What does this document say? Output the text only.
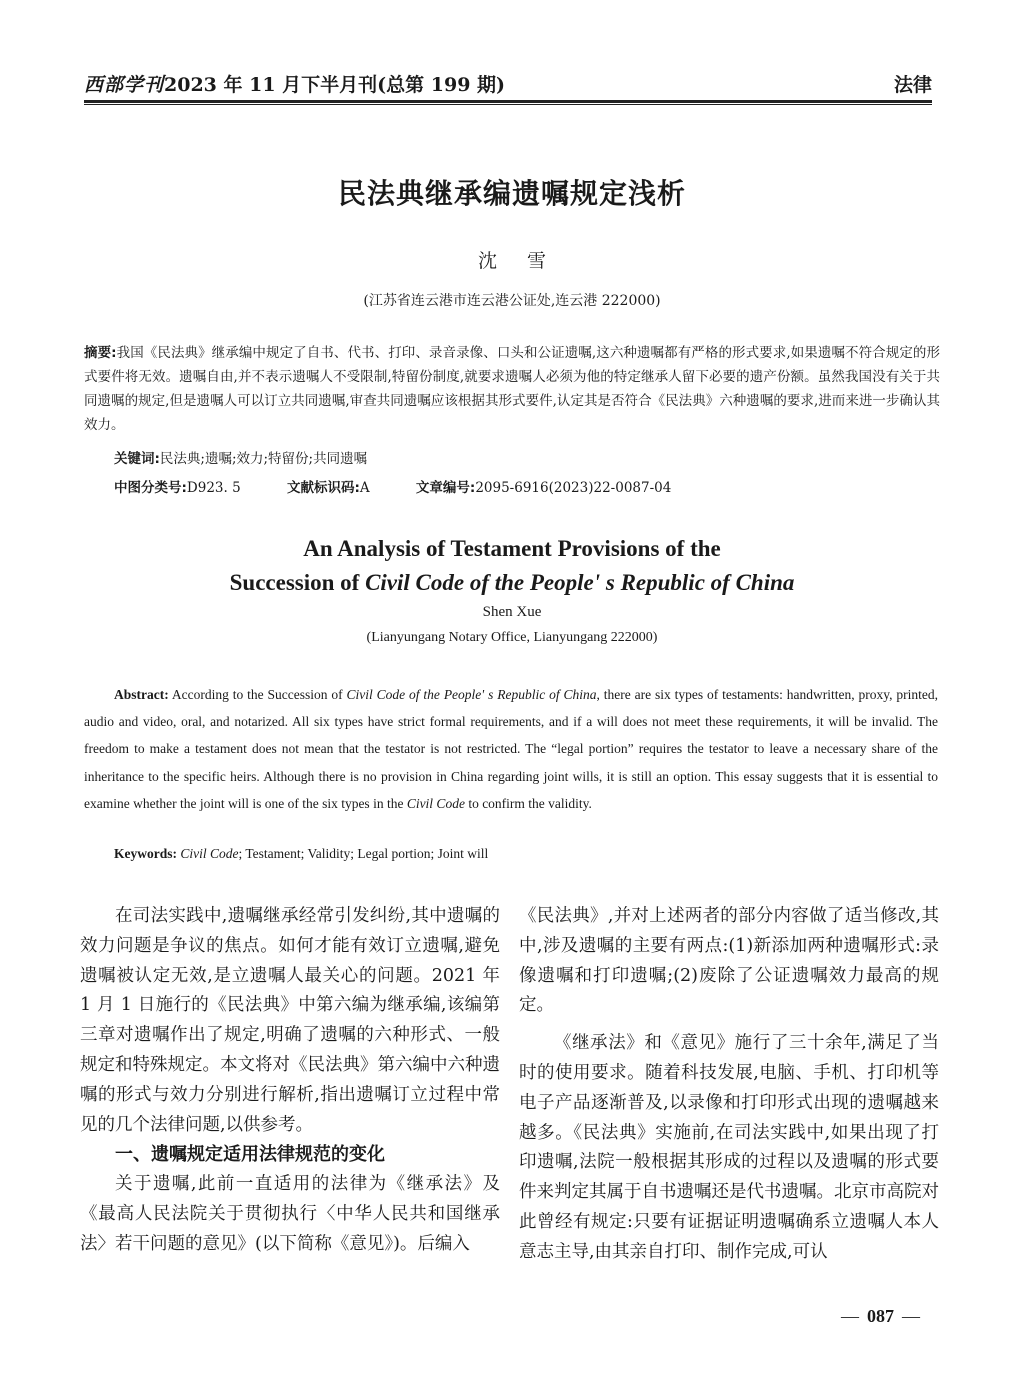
西部学刊2023 年 11 月下半月刊(总第 199 期)	法律
民法典继承编遗嘱规定浅析
沈雪
(江苏省连云港市连云港公证处,连云港 222000)
摘要:我国《民法典》继承编中规定了自书、代书、打印、录音录像、口头和公证遗嘱,这六种遗嘱都有严格的形式要求,如果遗嘱不符合规定的形式要件将无效。遗嘱自由,并不表示遗嘱人不受限制,特留份制度,就要求遗嘱人必须为他的特定继承人留下必要的遗产份额。虽然我国没有关于共同遗嘱的规定,但是遗嘱人可以订立共同遗嘱,审查共同遗嘱应该根据其形式要件,认定其是否符合《民法典》六种遗嘱的要求,进而来进一步确认其效力。
关键词:民法典;遗嘱;效力;特留份;共同遗嘱
中图分类号:D923. 5	文献标识码:A	文章编号:2095-6916(2023)22-0087-04
An Analysis of Testament Provisions of the
Succession of Civil Code of the People' s Republic of China
Shen Xue
(Lianyungang Notary Office, Lianyungang 222000)
Abstract: According to the Succession of Civil Code of the People' s Republic of China, there are six types of testaments: handwritten, proxy, printed, audio and video, oral, and notarized. All six types have strict formal requirements, and if a will does not meet these requirements, it will be invalid. The freedom to make a testament does not mean that the testator is not restricted. The “legal portion” requires the testator to leave a necessary share of the inheritance to the specific heirs. Although there is no provision in China regarding joint wills, it is still an option. This essay suggests that it is essential to examine whether the joint will is one of the six types in the Civil Code to confirm the validity.
Keywords: Civil Code; Testament; Validity; Legal portion; Joint will

在司法实践中,遗嘱继承经常引发纠纷,其中遗嘱的效力问题是争议的焦点。如何才能有效订立遗嘱,避免遗嘱被认定无效,是立遗嘱人最关心的问题。2021 年 1 月 1 日施行的《民法典》中第六编为继承编,该编第三章对遗嘱作出了规定,明确了遗嘱的六种形式、一般规定和特殊规定。本文将对《民法典》第六编中六种遗嘱的形式与效力分别进行解析,指出遗嘱订立过程中常见的几个法律问题,以供参考。

一、遗嘱规定适用法律规范的变化

关于遗嘱,此前一直适用的法律为《继承法》及《最高人民法院关于贯彻执行〈中华人民共和国继承法〉若干问题的意见》(以下简称《意见》)。后编入

《民法典》,并对上述两者的部分内容做了适当修改,其中,涉及遗嘱的主要有两点:(1)新添加两种遗嘱形式:录像遗嘱和打印遗嘱;(2)废除了公证遗嘱效力最高的规定。

《继承法》和《意见》施行了三十余年,满足了当时的使用要求。随着科技发展,电脑、手机、打印机等电子产品逐渐普及,以录像和打印形式出现的遗嘱越来越多。《民法典》实施前,在司法实践中,如果出现了打印遗嘱,法院一般根据其形成的过程以及遗嘱的形式要件来判定其属于自书遗嘱还是代书遗嘱。北京市高院对此曾经有规定:只要有证据证明遗嘱确系立遗嘱人本人意志主导,由其亲自打印、制作完成,可认

— 087 —
